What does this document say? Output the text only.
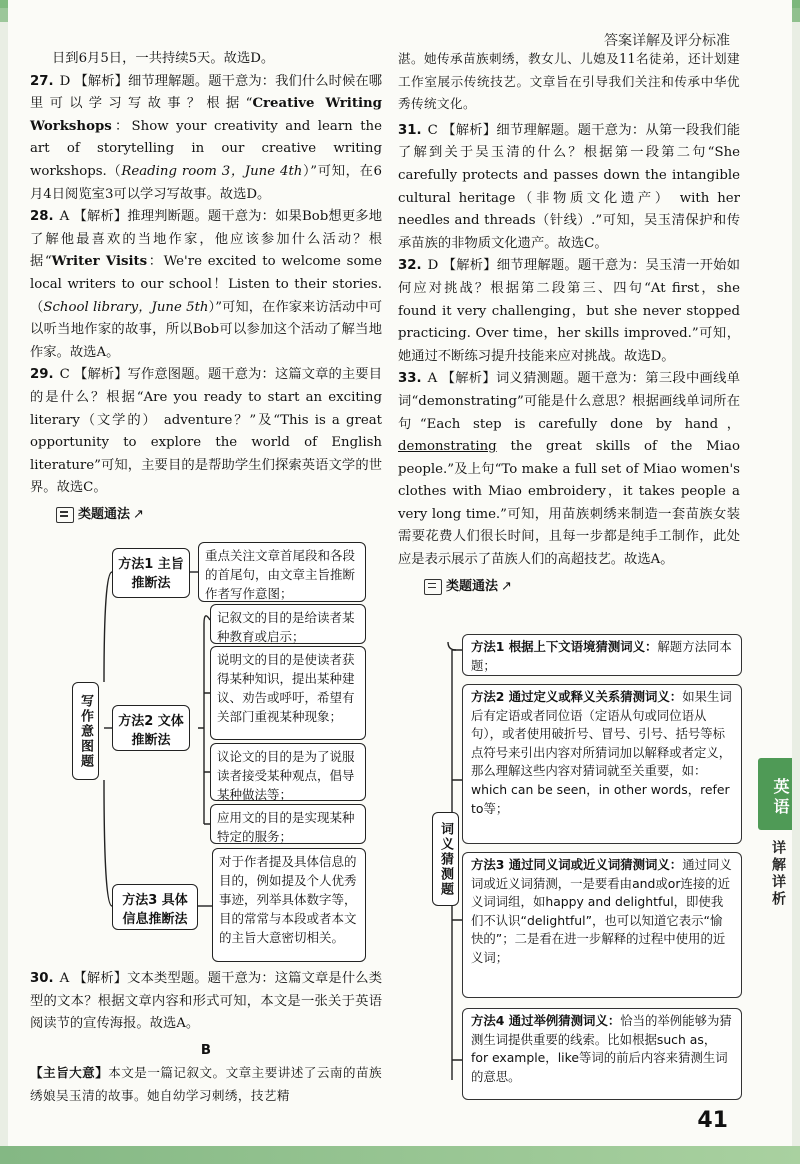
答案详解及评分标准

日到6月5日，一共持续5天。故选D。

27. D 【解析】细节理解题。题干意为：我们什么时候在哪里可以学习写故事？根据“Creative Writing Workshops：Show your creativity and learn the art of storytelling in our creative writing workshops.（Reading room 3，June 4th）”可知，在6月4日阅览室3可以学习写故事。故选D。

28. A 【解析】推理判断题。题干意为：如果Bob想更多地了解他最喜欢的当地作家，他应该参加什么活动？根据“Writer Visits：We're excited to welcome some local writers to our school！Listen to their stories.（School library，June 5th）”可知，在作家来访活动中可以听当地作家的故事，所以Bob可以参加这个活动了解当地作家。故选A。

29. C 【解析】写作意图题。题干意为：这篇文章的主要目的是什么？根据“Are you ready to start an exciting literary（文学的） adventure？”及“This is a great opportunity to explore the world of English literature”可知，主要目的是帮助学生们探索英语文学的世界。故选C。

类题通法 ↗
写作意图题
方法1 主旨推断法
重点关注文章首尾段和各段的首尾句，由文章主旨推断作者写作意图；
方法2 文体推断法
记叙文的目的是给读者某种教育或启示；
说明文的目的是使读者获得某种知识，提出某种建议、劝告或呼吁，希望有关部门重视某种现象；
议论文的目的是为了说服读者接受某种观点，倡导某种做法等；
应用文的目的是实现某种特定的服务；
方法3 具体信息推断法
对于作者提及具体信息的目的，例如提及个人优秀事迹，列举具体数字等，目的常常与本段或者本文的主旨大意密切相关。

30. A 【解析】文本类型题。题干意为：这篇文章是什么类型的文本？根据文章内容和形式可知，本文是一张关于英语阅读节的宣传海报。故选A。

B

【主旨大意】本文是一篇记叙文。文章主要讲述了云南的苗族绣娘吴玉清的故事。她自幼学习刺绣，技艺精

湛。她传承苗族刺绣，教女儿、儿媳及11名徒弟，还计划建工作室展示传统技艺。文章旨在引导我们关注和传承中华优秀传统文化。

31. C 【解析】细节理解题。题干意为：从第一段我们能了解到关于吴玉清的什么？根据第一段第二句“She carefully protects and passes down the intangible cultural heritage（非物质文化遗产） with her needles and threads（针线）.”可知，吴玉清保护和传承苗族的非物质文化遗产。故选C。

32. D 【解析】细节理解题。题干意为：吴玉清一开始如何应对挑战？根据第二段第三、四句“At first，she found it very challenging，but she never stopped practicing. Over time，her skills improved.”可知，她通过不断练习提升技能来应对挑战。故选D。

33. A 【解析】词义猜测题。题干意为：第三段中画线单词“demonstrating”可能是什么意思？根据画线单词所在句“Each step is carefully done by hand，demonstrating the great skills of the Miao people.”及上句“To make a full set of Miao women's clothes with Miao embroidery，it takes people a very long time.”可知，用苗族刺绣来制造一套苗族女装需要花费人们很长时间，且每一步都是纯手工制作，此处应是表示展示了苗族人们的高超技艺。故选A。

类题通法 ↗
词义猜测题
方法1 根据上下文语境猜测词义：解题方法同本题；
方法2 通过定义或释义关系猜测词义：如果生词后有定语或者同位语（定语从句或同位语从句），或者使用破折号、冒号、引号、括号等标点符号来引出内容对所猜词加以解释或者定义，那么理解这些内容对猜词就至关重要，如：which can be seen，in other words，refer to等；
方法3 通过同义词或近义词猜测词义：通过同义词或近义词猜测，一是要看由and或or连接的近义词词组，如happy and delightful，即使我们不认识“delightful”，也可以知道它表示“愉快的”；二是看在进一步解释的过程中使用的近义词；
方法4 通过举例猜测词义：恰当的举例能够为猜测生词提供重要的线索。比如根据such as，for example，like等词的前后内容来猜测生词的意思。
英语
详解详析
41
